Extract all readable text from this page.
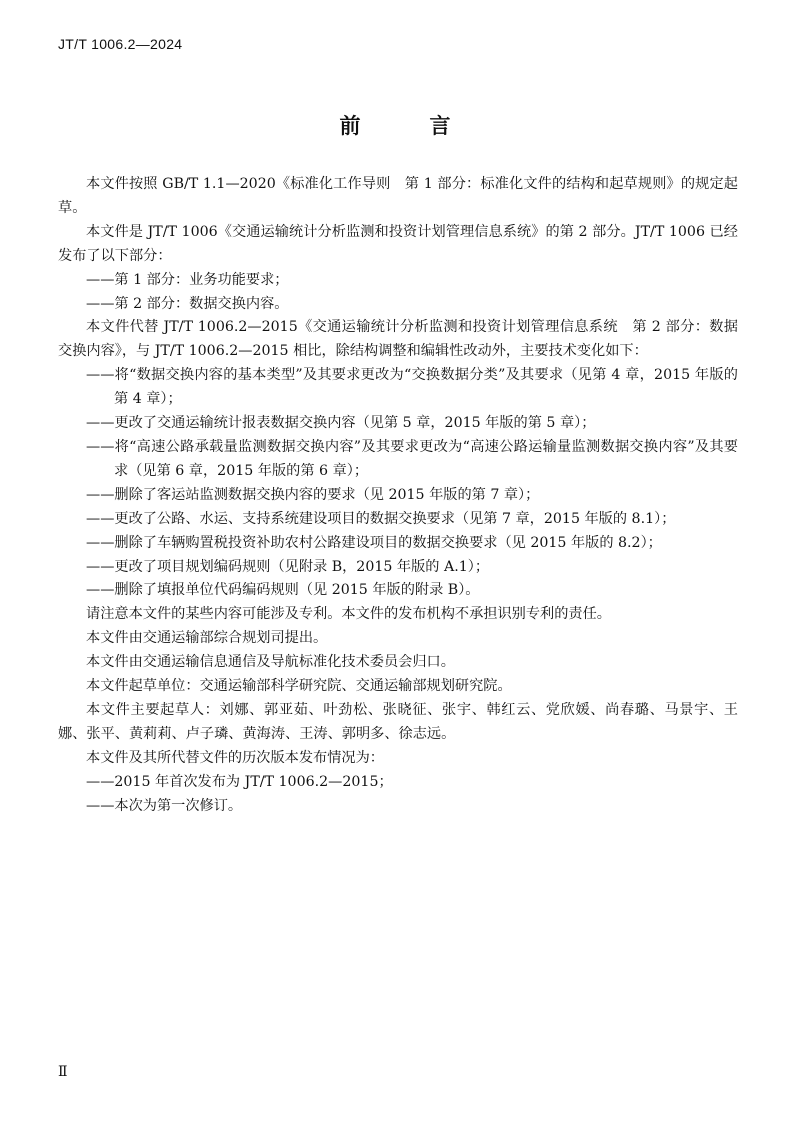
JT/T 1006.2—2024
前　言

本文件按照 GB/T 1.1—2020《标准化工作导则　第 1 部分：标准化文件的结构和起草规则》的规定起草。

本文件是 JT/T 1006《交通运输统计分析监测和投资计划管理信息系统》的第 2 部分。JT/T 1006 已经发布了以下部分：

——第 1 部分：业务功能要求；

——第 2 部分：数据交换内容。

本文件代替 JT/T 1006.2—2015《交通运输统计分析监测和投资计划管理信息系统　第 2 部分：数据交换内容》，与 JT/T 1006.2—2015 相比，除结构调整和编辑性改动外，主要技术变化如下：

——将“数据交换内容的基本类型”及其要求更改为“交换数据分类”及其要求（见第 4 章，2015 年版的第 4 章）；

——更改了交通运输统计报表数据交换内容（见第 5 章，2015 年版的第 5 章）；

——将“高速公路承载量监测数据交换内容”及其要求更改为“高速公路运输量监测数据交换内容”及其要求（见第 6 章，2015 年版的第 6 章）；

——删除了客运站监测数据交换内容的要求（见 2015 年版的第 7 章）；

——更改了公路、水运、支持系统建设项目的数据交换要求（见第 7 章，2015 年版的 8.1）；

——删除了车辆购置税投资补助农村公路建设项目的数据交换要求（见 2015 年版的 8.2）；

——更改了项目规划编码规则（见附录 B，2015 年版的 A.1）；

——删除了填报单位代码编码规则（见 2015 年版的附录 B）。

请注意本文件的某些内容可能涉及专利。本文件的发布机构不承担识别专利的责任。

本文件由交通运输部综合规划司提出。

本文件由交通运输信息通信及导航标准化技术委员会归口。

本文件起草单位：交通运输部科学研究院、交通运输部规划研究院。

本文件主要起草人：刘娜、郭亚茹、叶劲松、张晓征、张宇、韩红云、党欣媛、尚春璐、马景宇、王娜、张平、黄莉莉、卢子璘、黄海涛、王涛、郭明多、徐志远。

本文件及其所代替文件的历次版本发布情况为：

——2015 年首次发布为 JT/T 1006.2—2015；

——本次为第一次修订。

Ⅱ
